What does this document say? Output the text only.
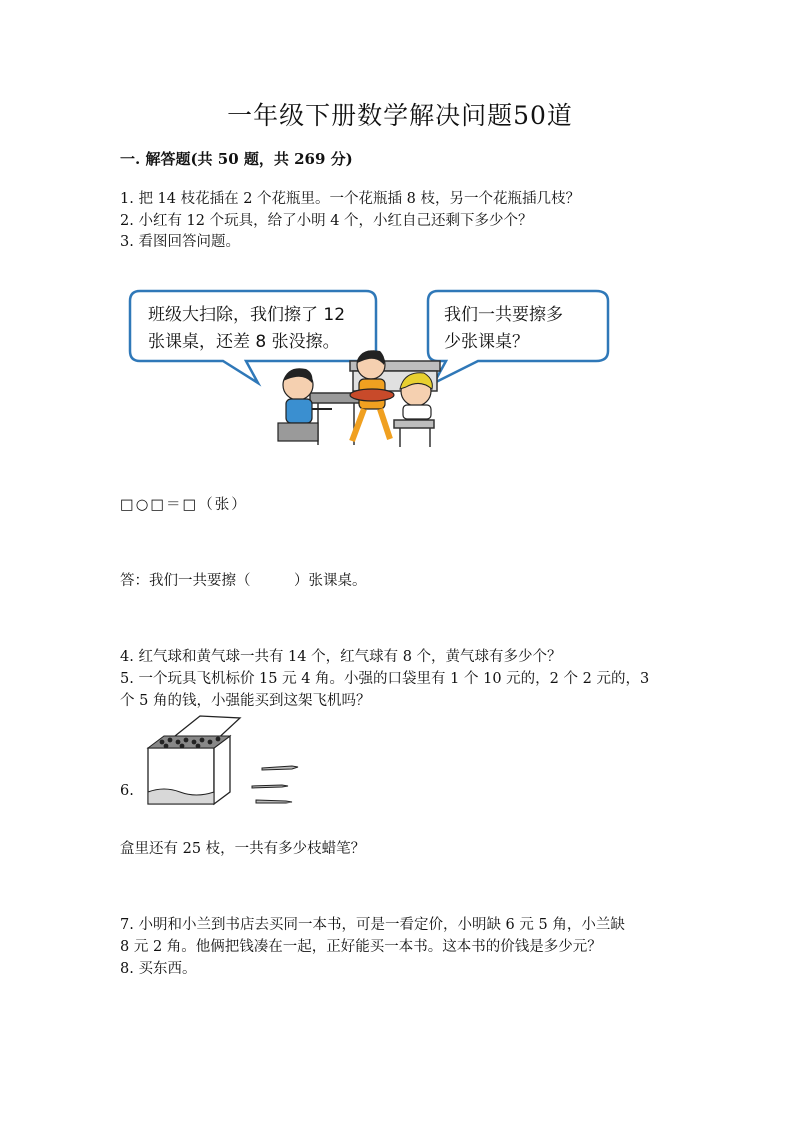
一年级下册数学解决问题50道
一. 解答题(共 50 题，共 269 分)
1. 把 14 枝花插在 2 个花瓶里。一个花瓶插 8 枝，另一个花瓶插几枝？
2. 小红有 12 个玩具，给了小明 4 个，小红自己还剩下多少个？
3. 看图回答问题。
班级大扫除，我们擦了 12
张课桌，还差 8 张没擦。
我们一共要擦多
少张课桌？
□○□＝□（张）
答：我们一共要擦（　　　）张课桌。
4. 红气球和黄气球一共有 14 个，红气球有 8 个，黄气球有多少个？
5. 一个玩具飞机标价 15 元 4 角。小强的口袋里有 1 个 10 元的，2 个 2 元的，3
个 5 角的钱，小强能买到这架飞机吗？
6.
盒里还有 25 枝，一共有多少枝蜡笔？
7. 小明和小兰到书店去买同一本书，可是一看定价，小明缺 6 元 5 角，小兰缺
8 元 2 角。他俩把钱凑在一起，正好能买一本书。这本书的价钱是多少元？
8. 买东西。
